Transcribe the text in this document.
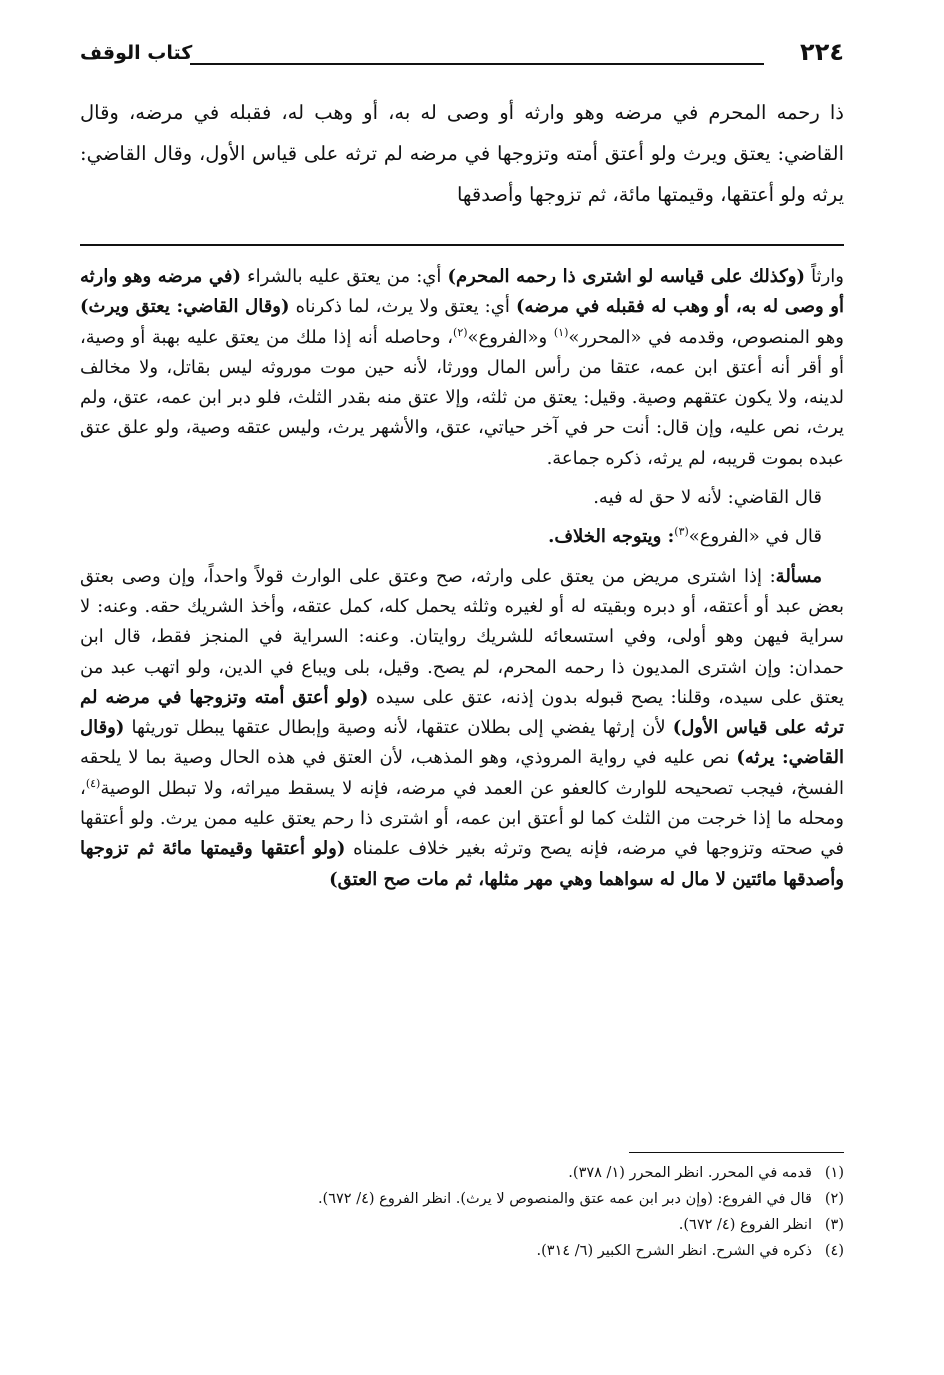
٢٢٤
كتاب الوقف
ذا رحمه المحرم في مرضه وهو وارثه أو وصى له به، أو وهب له، فقبله في مرضه، وقال القاضي: يعتق ويرث ولو أعتق أمته وتزوجها في مرضه لم ترثه على قياس الأول، وقال القاضي: يرثه ولو أعتقها، وقيمتها مائة، ثم تزوجها وأصدقها

وارثاً (وكذلك على قياسه لو اشترى ذا رحمه المحرم) أي: من يعتق عليه بالشراء (في مرضه وهو وارثه أو وصى له به، أو وهب له فقبله في مرضه) أي: يعتق ولا يرث، لما ذكرناه (وقال القاضي: يعتق ويرث) وهو المنصوص، وقدمه في «المحرر»$^{(١)}$ و«الفروع»$^{(٢)}$، وحاصله أنه إذا ملك من يعتق عليه بهبة أو وصية، أو أقر أنه أعتق ابن عمه، عتقا من رأس المال وورثا، لأنه حين موت موروثه ليس بقاتل، ولا مخالف لدينه، ولا يكون عتقهم وصية. وقيل: يعتق من ثلثه، وإلا عتق منه بقدر الثلث، فلو دبر ابن عمه، عتق، ولم يرث، نص عليه، وإن قال: أنت حر في آخر حياتي، عتق، والأشهر يرث، وليس عتقه وصية، ولو علق عتق عبده بموت قريبه، لم يرثه، ذكره جماعة.

قال القاضي: لأنه لا حق له فيه.

قال في «الفروع»$^{(٣)}$: ويتوجه الخلاف.

مسألة: إذا اشترى مريض من يعتق على وارثه، صح وعتق على الوارث قولاً واحداً، وإن وصى بعتق بعض عبد أو أعتقه، أو دبره وبقيته له أو لغيره وثلثه يحمل كله، كمل عتقه، وأخذ الشريك حقه. وعنه: لا سراية فيهن وهو أولى، وفي استسعائه للشريك روايتان. وعنه: السراية في المنجز فقط، قال ابن حمدان: وإن اشترى المديون ذا رحمه المحرم، لم يصح. وقيل، بلى ويباع في الدين، ولو اتهب عبد من يعتق على سيده، وقلنا: يصح قبوله بدون إذنه، عتق على سيده (ولو أعتق أمته وتزوجها في مرضه لم ترثه على قياس الأول) لأن إرثها يفضي إلى بطلان عتقها، لأنه وصية وإبطال عتقها يبطل توريثها (وقال القاضي: يرثه) نص عليه في رواية المروذي، وهو المذهب، لأن العتق في هذه الحال وصية بما لا يلحقه الفسخ، فيجب تصحيحه للوارث كالعفو عن العمد في مرضه، فإنه لا يسقط ميراثه، ولا تبطل الوصية$^{(٤)}$، ومحله ما إذا خرجت من الثلث كما لو أعتق ابن عمه، أو اشترى ذا رحم يعتق عليه ممن يرث. ولو أعتقها في صحته وتزوجها في مرضه، فإنه يصح وترثه بغير خلاف علمناه (ولو أعتقها وقيمتها مائة ثم تزوجها وأصدقها مائتين لا مال له سواهما وهي مهر مثلها، ثم مات صح العتق)

(١)قدمه في المحرر. انظر المحرر (١/ ٣٧٨).
(٢)قال في الفروع: (وإن دبر ابن عمه عتق والمنصوص لا يرث). انظر الفروع (٤/ ٦٧٢).
(٣)انظر الفروع (٤/ ٦٧٢).
(٤)ذكره في الشرح. انظر الشرح الكبير (٦/ ٣١٤).
